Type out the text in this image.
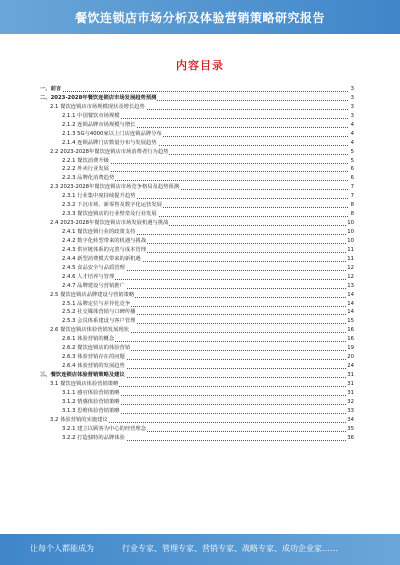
餐饮连锁店市场分析及体验营销策略研究报告
内容目录
一、前言	3
二、2023-2028年餐饮连锁店市场发展趋势预测	3
2.1 餐饮连锁店市场规模现状及增长趋势	3
2.1.1 中国餐饮市场规模	3
2.1.2 连锁品牌市场规模与增长	4
2.1.3 5G与4000家以上门店连锁品牌分布	4
2.1.4 连锁品牌门店数量分布与发展趋势	4
2.2 2023-2028年餐饮连锁店市场消费者行为趋势	5
2.2.1 餐饮消费升级	5
2.2.2 外卖行业发展	6
2.2.3 品牌化消费趋势	6
2.3 2023-2028年餐饮连锁店市场竞争格局及趋势预测	7
2.3.1 行业集中度持续提升趋势	7
2.3.2 下沉市场、新零售及数字化运营发展	8
2.3.3 餐饮连锁店的行业壁垒及行业发展	8
2.4 2023-2028年餐饮连锁店市场发展机遇与挑战	10
2.4.1 餐饮连锁行业的政策支持	10
2.4.2 数字化转型带来的机遇与挑战	10
2.4.3 供应链体系的完善与成本管理	11
2.4.4 新型消费模式带来的新机遇	11
2.4.5 食品安全与品质管理	12
2.4.6 人才培养与管理	12
2.4.7 品牌建设与营销推广	13
2.5 餐饮连锁店品牌建设与营销策略	14
2.5.1 品牌定位与差异化竞争	14
2.5.2 社交媒体营销与口碑传播	14
2.5.3 会员体系建设与客户管理	15
2.6 餐饮连锁店体验营销发展现状	16
2.6.1 体验营销的概念	16
2.6.2 餐饮连锁店的体验营销	19
2.6.3 体验营销存在的问题	20
2.6.4 体验营销的发展趋势	24
三、餐饮连锁店体验营销策略及建议	31
3.1 餐饮连锁店体验营销策略	31
3.1.1 感官体验营销策略	31
3.1.2 情感体验营销策略	32
3.1.3 思维体验营销策略	33
3.2 体验营销的实施建议	34
3.2.1 建立以顾客为中心的经营理念	35
3.2.2 打造独特的品牌体验	36
让每个人都能成为	行业专家、管理专家、营销专家、战略专家、成功企业家……
